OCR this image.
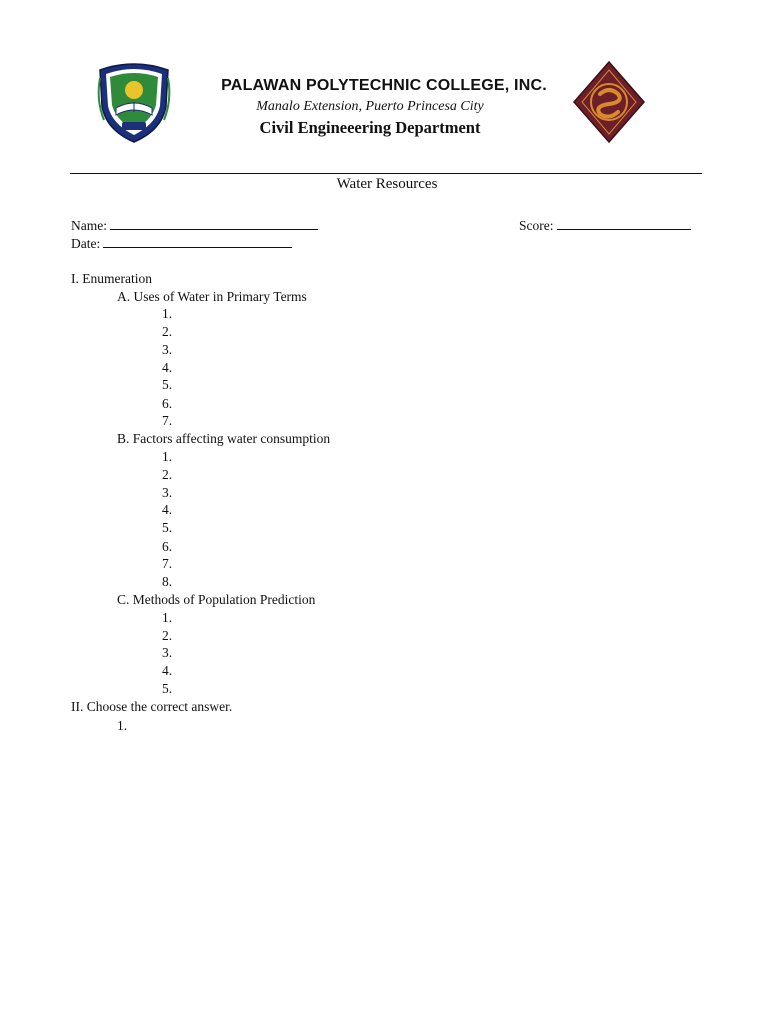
PALAWAN POLYTECHNIC COLLEGE, INC.
Manalo Extension, Puerto Princesa City
Civil Engineeering Department
Water Resources
Name:	Score:
Date:
I. Enumeration
A. Uses of Water in Primary Terms
1.
2.
3.
4.
5.
6.
7.
B. Factors affecting water consumption
1.
2.
3.
4.
5.
6.
7.
8.
C. Methods of Population Prediction
1.
2.
3.
4.
5.
II. Choose the correct answer.
1.
